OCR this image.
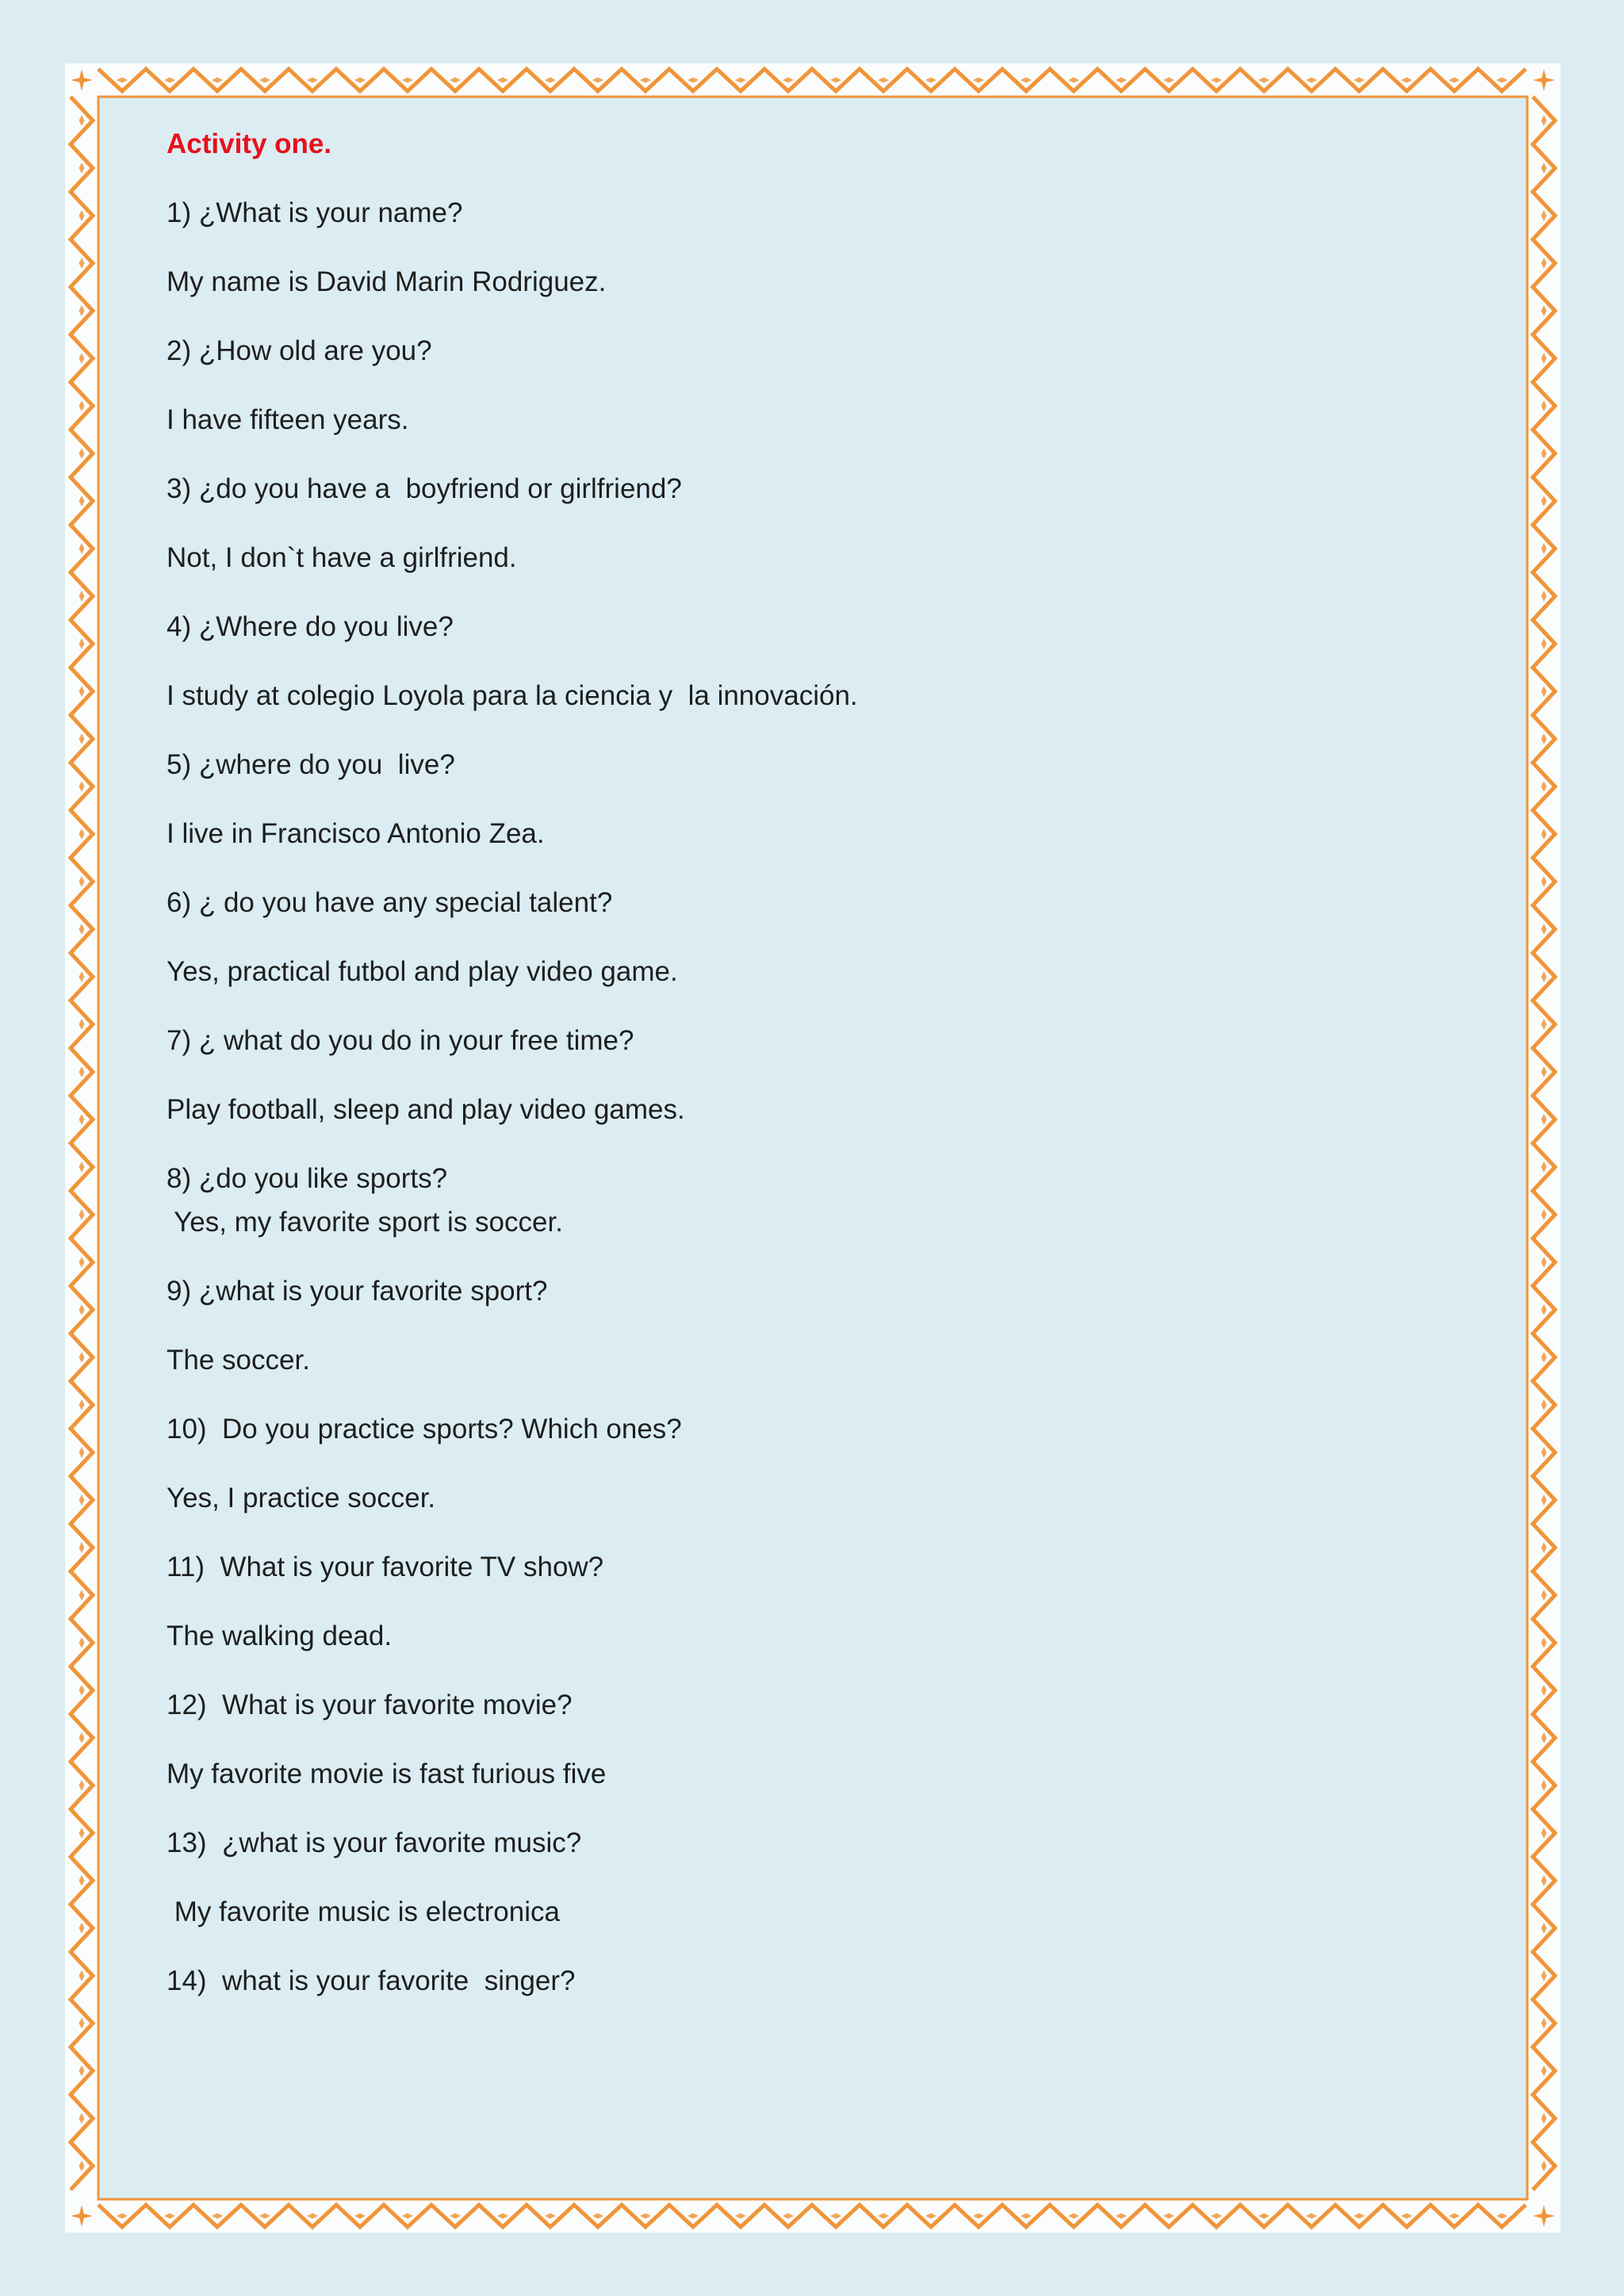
Activity one.
1) ¿What is your name?
My name is David Marin Rodriguez.
2) ¿How old are you?
I have fifteen years.
3) ¿do you have a  boyfriend or girlfriend?
Not, I don`t have a girlfriend.
4) ¿Where do you live?
I study at colegio Loyola para la ciencia y  la innovación.
5) ¿where do you  live?
I live in Francisco Antonio Zea.
6) ¿ do you have any special talent?
Yes, practical futbol and play video game.
7) ¿ what do you do in your free time?
Play football, sleep and play video games.
8) ¿do you like sports?
Yes, my favorite sport is soccer.
9) ¿what is your favorite sport?
The soccer.
10)  Do you practice sports? Which ones?
Yes, I practice soccer.
11)  What is your favorite TV show?
The walking dead.
12)  What is your favorite movie?
My favorite movie is fast furious five
13)  ¿what is your favorite music?
My favorite music is electronica
14)  what is your favorite  singer?
